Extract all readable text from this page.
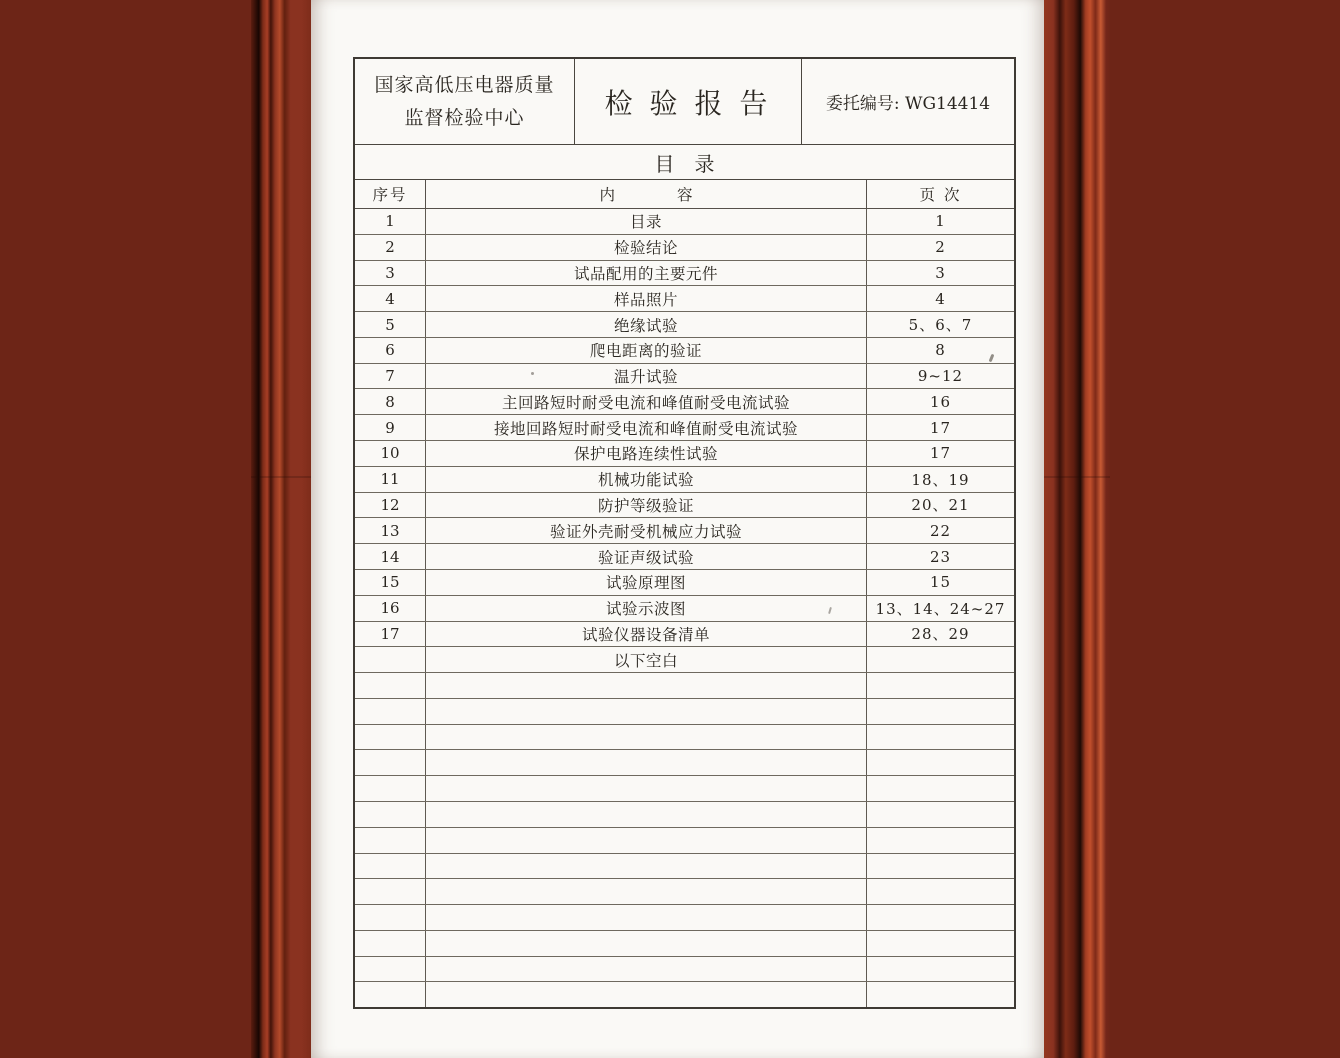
国家高低压电器质量
监督检验中心	检 验 报 告	委托编号: WG14414
目　录
序号	内　　　　容	页 次
1	目录	1
2	检验结论	2
3	试品配用的主要元件	3
4	样品照片	4
5	绝缘试验	5、6、7
6	爬电距离的验证	8
7	温升试验	9~12
8	主回路短时耐受电流和峰值耐受电流试验	16
9	接地回路短时耐受电流和峰值耐受电流试验	17
10	保护电路连续性试验	17
11	机械功能试验	18、19
12	防护等级验证	20、21
13	验证外壳耐受机械应力试验	22
14	验证声级试验	23
15	试验原理图	15
16	试验示波图	13、14、24~27
17	试验仪器设备清单	28、29
以下空白
